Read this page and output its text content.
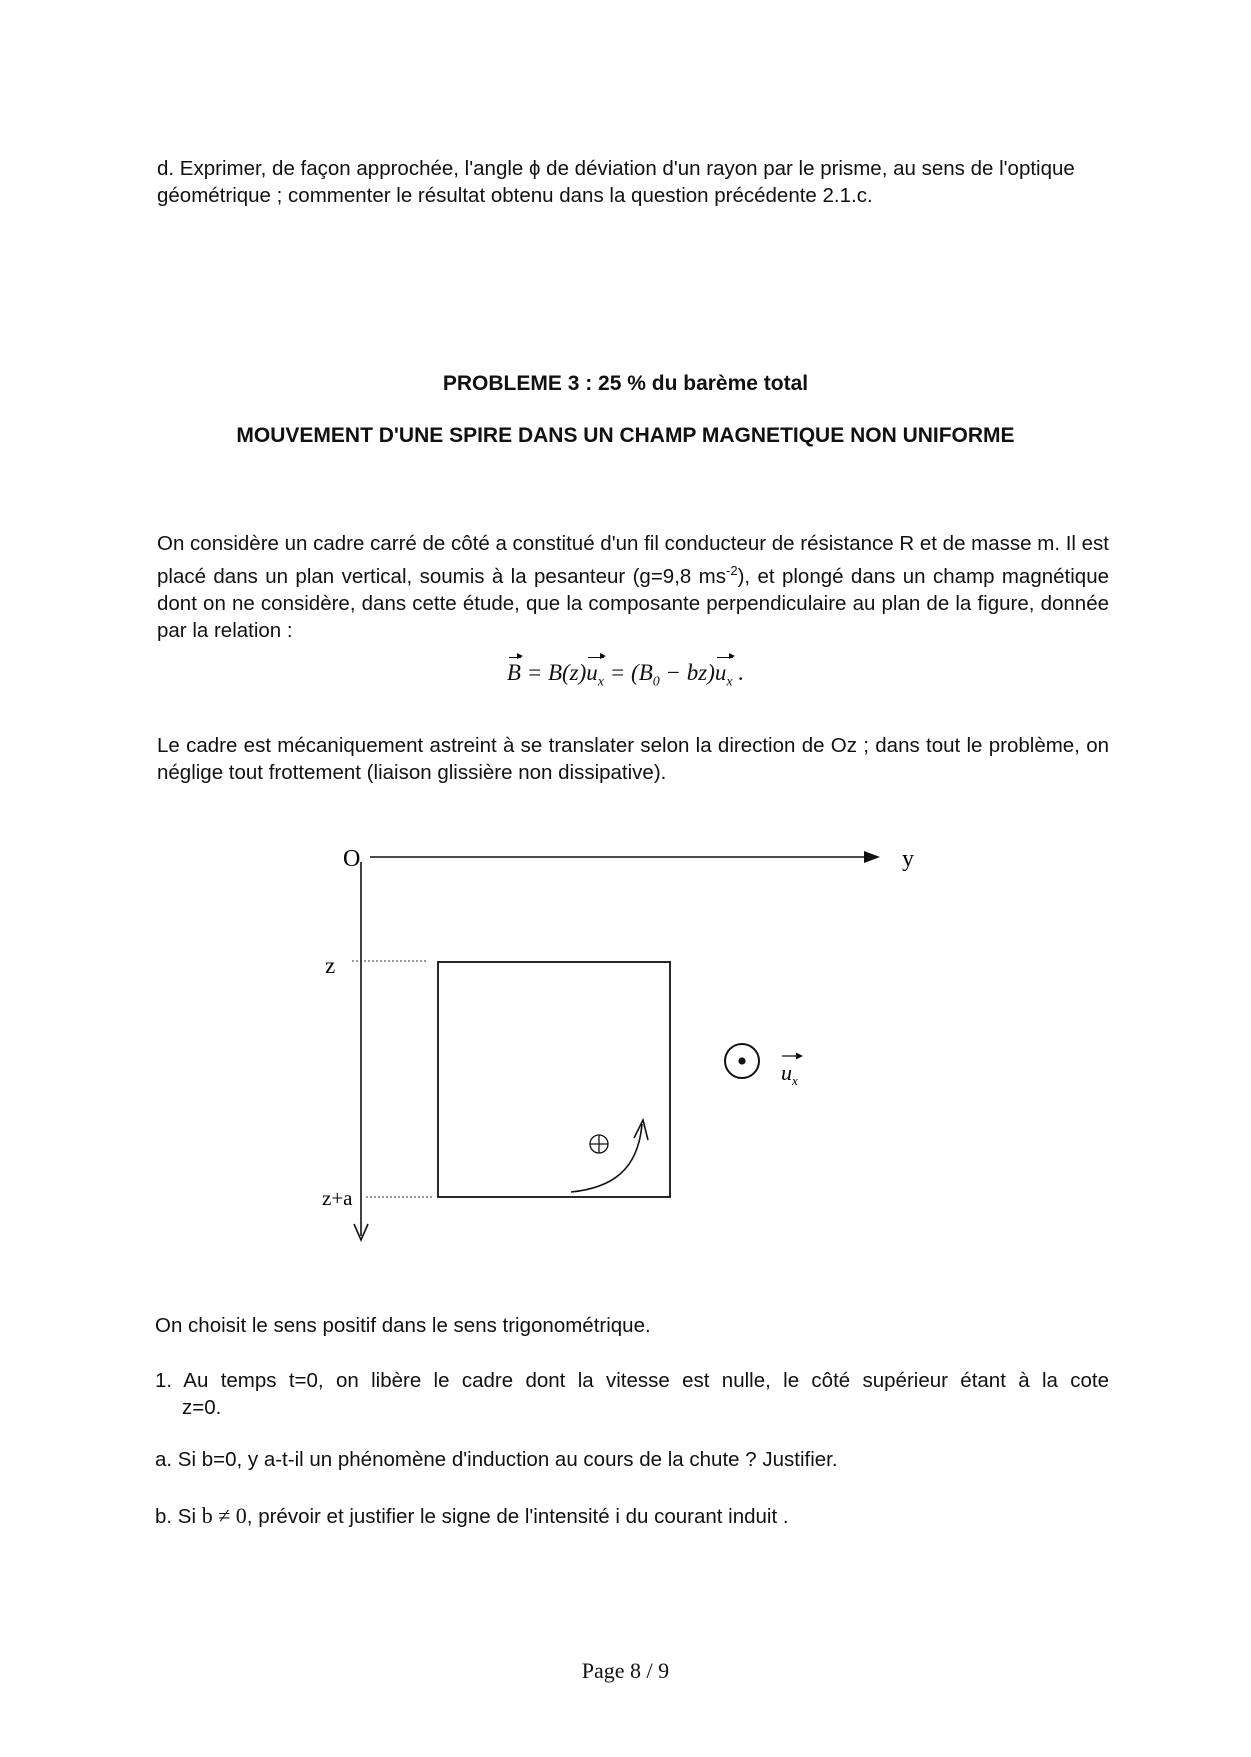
d. Exprimer, de façon approchée, l'angle ϕ de déviation d'un rayon par le prisme, au sens de l'optique géométrique ; commenter le résultat obtenu dans la question précédente 2.1.c.

PROBLEME 3 : 25 % du barème total
MOUVEMENT D'UNE SPIRE DANS UN CHAMP MAGNETIQUE NON UNIFORME

On considère un cadre carré de côté a constitué d'un fil conducteur de résistance R et de masse m. Il est placé dans un plan vertical, soumis à la pesanteur (g=9,8 $ms^{-2}$), et plongé dans un champ magnétique dont on ne considère, dans cette étude, que la composante perpendiculaire au plan de la figure, donnée par la relation :

$B = B(z)u_x = (B_0 - bz)u_x$ .

Le cadre est mécaniquement astreint à se translater selon la direction de Oz ; dans tout le problème, on néglige tout frottement (liaison glissière non dissipative).

O	y
z
z+a
$u_x$

On choisit le sens positif dans le sens trigonométrique.

1. Au temps t=0, on libère le cadre dont la vitesse est nulle, le côté supérieur étant à la cote

z=0.

a. Si b=0, y a-t-il un phénomène d'induction au cours de la chute ? Justifier.

b. Si b ≠ 0, prévoir et justifier le signe de l'intensité i du courant induit .

Page 8 / 9
